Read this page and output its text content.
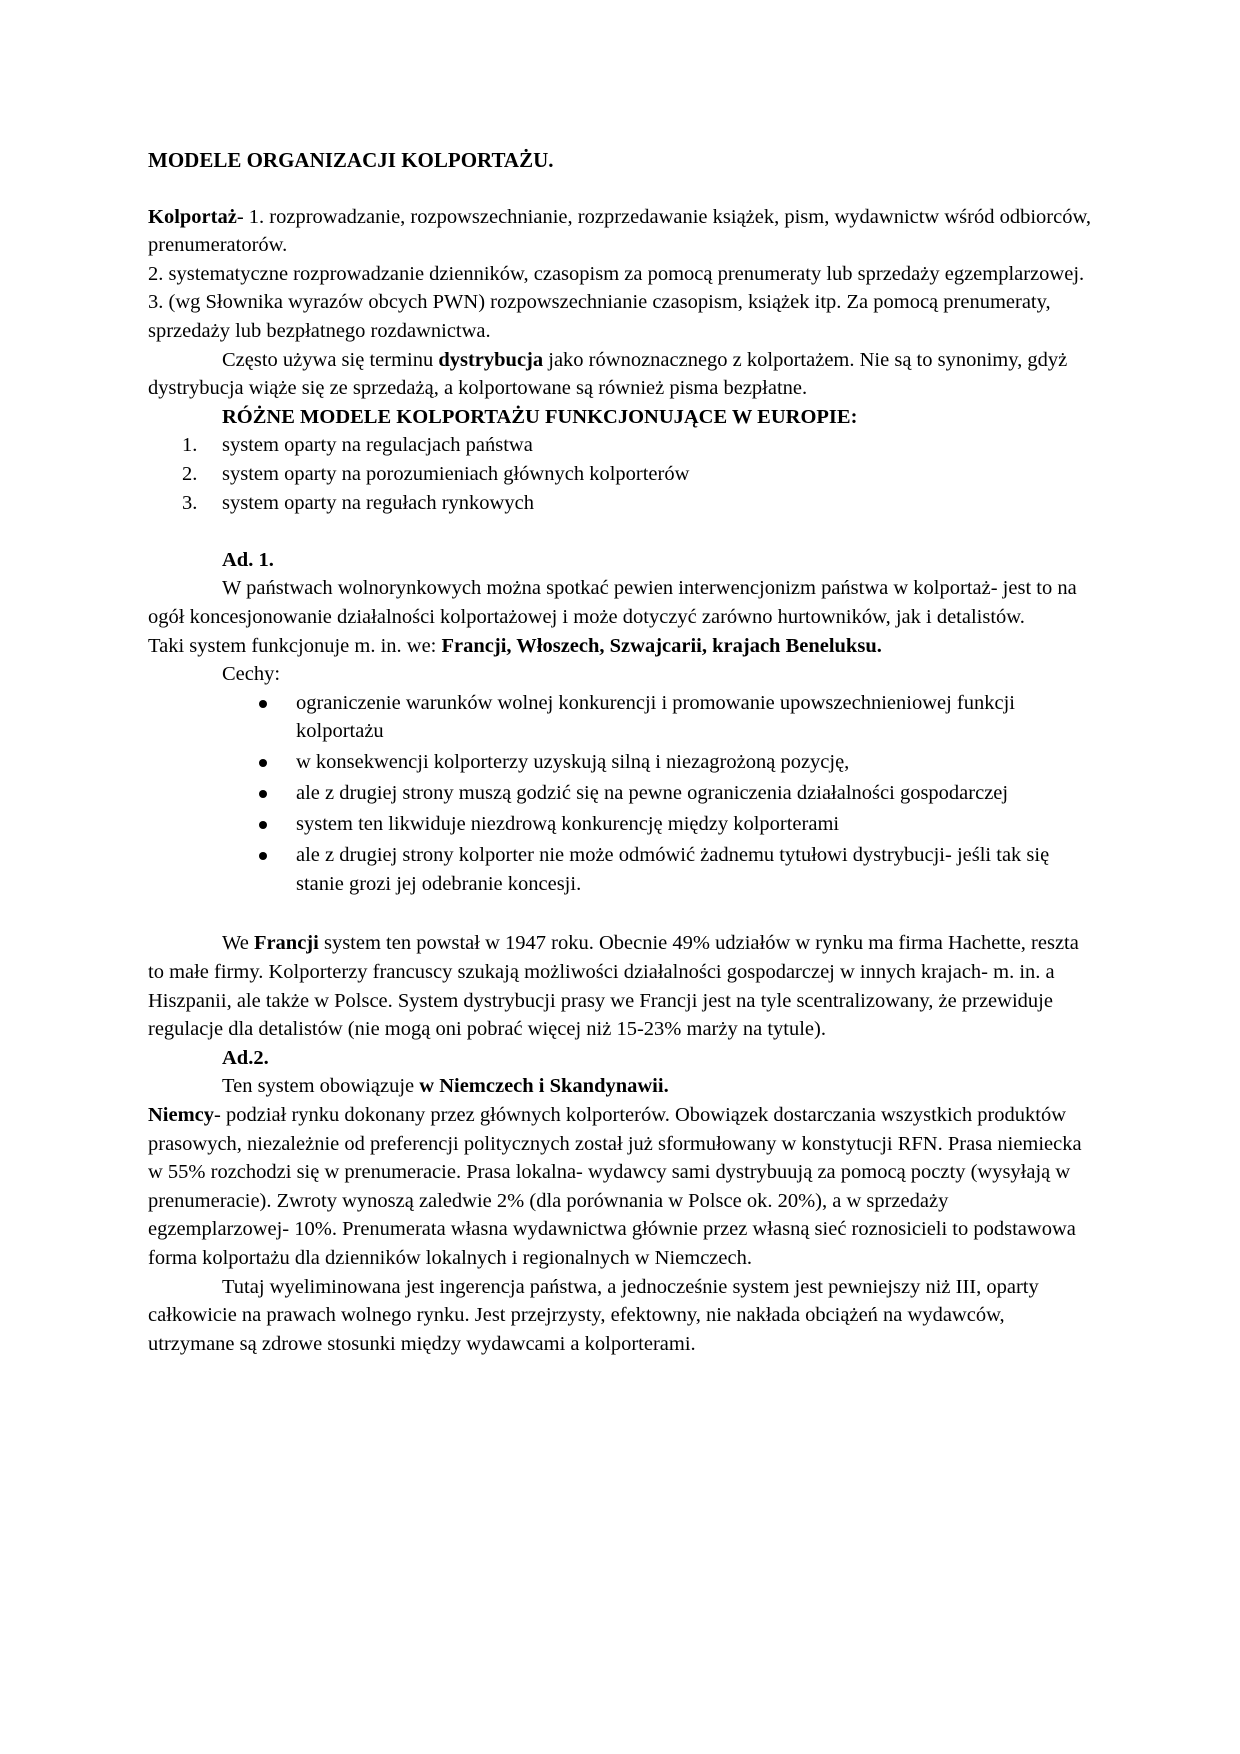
MODELE ORGANIZACJI KOLPORTAŻU.

Kolportaż- 1. rozprowadzanie, rozpowszechnianie, rozprzedawanie książek, pism, wydawnictw wśród odbiorców, prenumeratorów.

2. systematyczne rozprowadzanie dzienników, czasopism za pomocą prenumeraty lub sprzedaży egzemplarzowej.

3. (wg Słownika wyrazów obcych PWN) rozpowszechnianie czasopism, książek itp. Za pomocą prenumeraty, sprzedaży lub bezpłatnego rozdawnictwa.

Często używa się terminu dystrybucja jako równoznacznego z kolportażem. Nie są to synonimy, gdyż dystrybucja wiąże się ze sprzedażą, a kolportowane są również pisma bezpłatne.

RÓŻNE MODELE KOLPORTAŻU FUNKCJONUJĄCE W EUROPIE:

1. system oparty na regulacjach państwa
2. system oparty na porozumieniach głównych kolporterów
3. system oparty na regułach rynkowych

Ad. 1.

W państwach wolnorynkowych można spotkać pewien interwencjonizm państwa w kolportaż- jest to na ogół koncesjonowanie działalności kolportażowej i może dotyczyć zarówno hurtowników, jak i detalistów.

Taki system funkcjonuje m. in. we: Francji, Włoszech, Szwajcarii, krajach Beneluksu.

Cechy:

ograniczenie warunków wolnej konkurencji i promowanie upowszechnieniowej funkcji kolportażu
w konsekwencji kolporterzy uzyskują silną i niezagrożoną pozycję,
ale z drugiej strony muszą godzić się na pewne ograniczenia działalności gospodarczej
system ten likwiduje niezdrową konkurencję między kolporterami
ale z drugiej strony kolporter nie może odmówić żadnemu tytułowi dystrybucji- jeśli tak się stanie grozi jej odebranie koncesji.

We Francji system ten powstał w 1947 roku. Obecnie 49% udziałów w rynku ma firma Hachette, reszta to małe firmy. Kolporterzy francuscy szukają możliwości działalności gospodarczej w innych krajach- m. in. a Hiszpanii, ale także w Polsce. System dystrybucji prasy we Francji jest na tyle scentralizowany, że przewiduje regulacje dla detalistów (nie mogą oni pobrać więcej niż 15-23% marży na tytule).

Ad.2.

Ten system obowiązuje w Niemczech i Skandynawii.

Niemcy- podział rynku dokonany przez głównych kolporterów. Obowiązek dostarczania wszystkich produktów prasowych, niezależnie od preferencji politycznych został już sformułowany w konstytucji RFN. Prasa niemiecka w 55% rozchodzi się w prenumeracie. Prasa lokalna- wydawcy sami dystrybuują za pomocą poczty (wysyłają w prenumeracie). Zwroty wynoszą zaledwie 2% (dla porównania w Polsce ok. 20%), a w sprzedaży egzemplarzowej- 10%. Prenumerata własna wydawnictwa głównie przez własną sieć roznosicieli to podstawowa forma kolportażu dla dzienników lokalnych i regionalnych w Niemczech.

Tutaj wyeliminowana jest ingerencja państwa, a jednocześnie system jest pewniejszy niż III, oparty całkowicie na prawach wolnego rynku. Jest przejrzysty, efektowny, nie nakłada obciążeń na wydawców, utrzymane są zdrowe stosunki między wydawcami a kolporterami.
